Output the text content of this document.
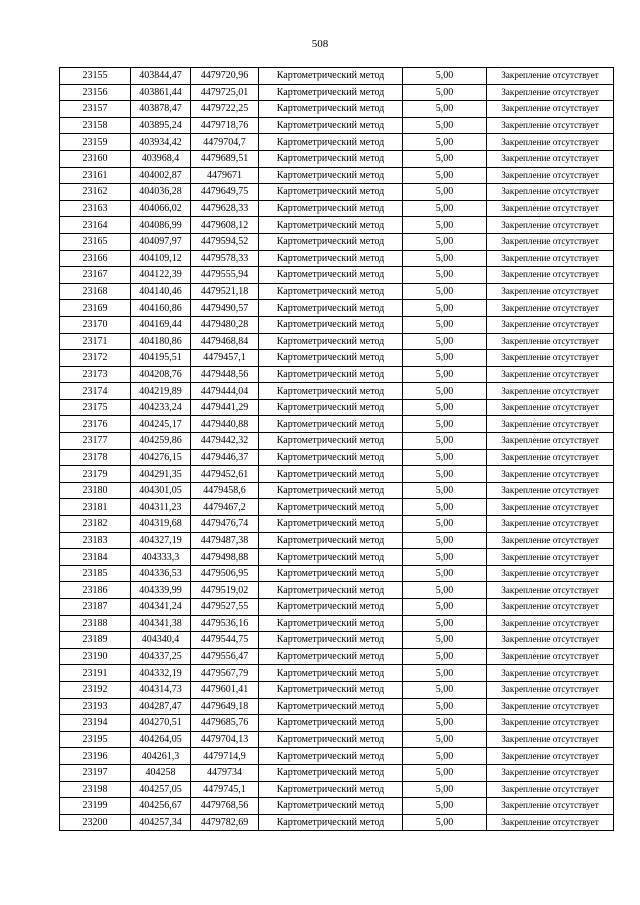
508
23155	403844,47	4479720,96	Картометрический метод	5,00	Закрепление отсутствует
23156	403861,44	4479725,01	Картометрический метод	5,00	Закрепление отсутствует
23157	403878,47	4479722,25	Картометрический метод	5,00	Закрепление отсутствует
23158	403895,24	4479718,76	Картометрический метод	5,00	Закрепление отсутствует
23159	403934,42	4479704,7	Картометрический метод	5,00	Закрепление отсутствует
23160	403968,4	4479689,51	Картометрический метод	5,00	Закрепление отсутствует
23161	404002,87	4479671	Картометрический метод	5,00	Закрепление отсутствует
23162	404036,28	4479649,75	Картометрический метод	5,00	Закрепление отсутствует
23163	404066,02	4479628,33	Картометрический метод	5,00	Закрепление отсутствует
23164	404086,99	4479608,12	Картометрический метод	5,00	Закрепление отсутствует
23165	404097,97	4479594,52	Картометрический метод	5,00	Закрепление отсутствует
23166	404109,12	4479578,33	Картометрический метод	5,00	Закрепление отсутствует
23167	404122,39	4479555,94	Картометрический метод	5,00	Закрепление отсутствует
23168	404140,46	4479521,18	Картометрический метод	5,00	Закрепление отсутствует
23169	404160,86	4479490,57	Картометрический метод	5,00	Закрепление отсутствует
23170	404169,44	4479480,28	Картометрический метод	5,00	Закрепление отсутствует
23171	404180,86	4479468,84	Картометрический метод	5,00	Закрепление отсутствует
23172	404195,51	4479457,1	Картометрический метод	5,00	Закрепление отсутствует
23173	404208,76	4479448,56	Картометрический метод	5,00	Закрепление отсутствует
23174	404219,89	4479444,04	Картометрический метод	5,00	Закрепление отсутствует
23175	404233,24	4479441,29	Картометрический метод	5,00	Закрепление отсутствует
23176	404245,17	4479440,88	Картометрический метод	5,00	Закрепление отсутствует
23177	404259,86	4479442,32	Картометрический метод	5,00	Закрепление отсутствует
23178	404276,15	4479446,37	Картометрический метод	5,00	Закрепление отсутствует
23179	404291,35	4479452,61	Картометрический метод	5,00	Закрепление отсутствует
23180	404301,05	4479458,6	Картометрический метод	5,00	Закрепление отсутствует
23181	404311,23	4479467,2	Картометрический метод	5,00	Закрепление отсутствует
23182	404319,68	4479476,74	Картометрический метод	5,00	Закрепление отсутствует
23183	404327,19	4479487,38	Картометрический метод	5,00	Закрепление отсутствует
23184	404333,3	4479498,88	Картометрический метод	5,00	Закрепление отсутствует
23185	404336,53	4479506,95	Картометрический метод	5,00	Закрепление отсутствует
23186	404339,99	4479519,02	Картометрический метод	5,00	Закрепление отсутствует
23187	404341,24	4479527,55	Картометрический метод	5,00	Закрепление отсутствует
23188	404341,38	4479536,16	Картометрический метод	5,00	Закрепление отсутствует
23189	404340,4	4479544,75	Картометрический метод	5,00	Закрепление отсутствует
23190	404337,25	4479556,47	Картометрический метод	5,00	Закрепление отсутствует
23191	404332,19	4479567,79	Картометрический метод	5,00	Закрепление отсутствует
23192	404314,73	4479601,41	Картометрический метод	5,00	Закрепление отсутствует
23193	404287,47	4479649,18	Картометрический метод	5,00	Закрепление отсутствует
23194	404270,51	4479685,76	Картометрический метод	5,00	Закрепление отсутствует
23195	404264,05	4479704,13	Картометрический метод	5,00	Закрепление отсутствует
23196	404261,3	4479714,9	Картометрический метод	5,00	Закрепление отсутствует
23197	404258	4479734	Картометрический метод	5,00	Закрепление отсутствует
23198	404257,05	4479745,1	Картометрический метод	5,00	Закрепление отсутствует
23199	404256,67	4479768,56	Картометрический метод	5,00	Закрепление отсутствует
23200	404257,34	4479782,69	Картометрический метод	5,00	Закрепление отсутствует
